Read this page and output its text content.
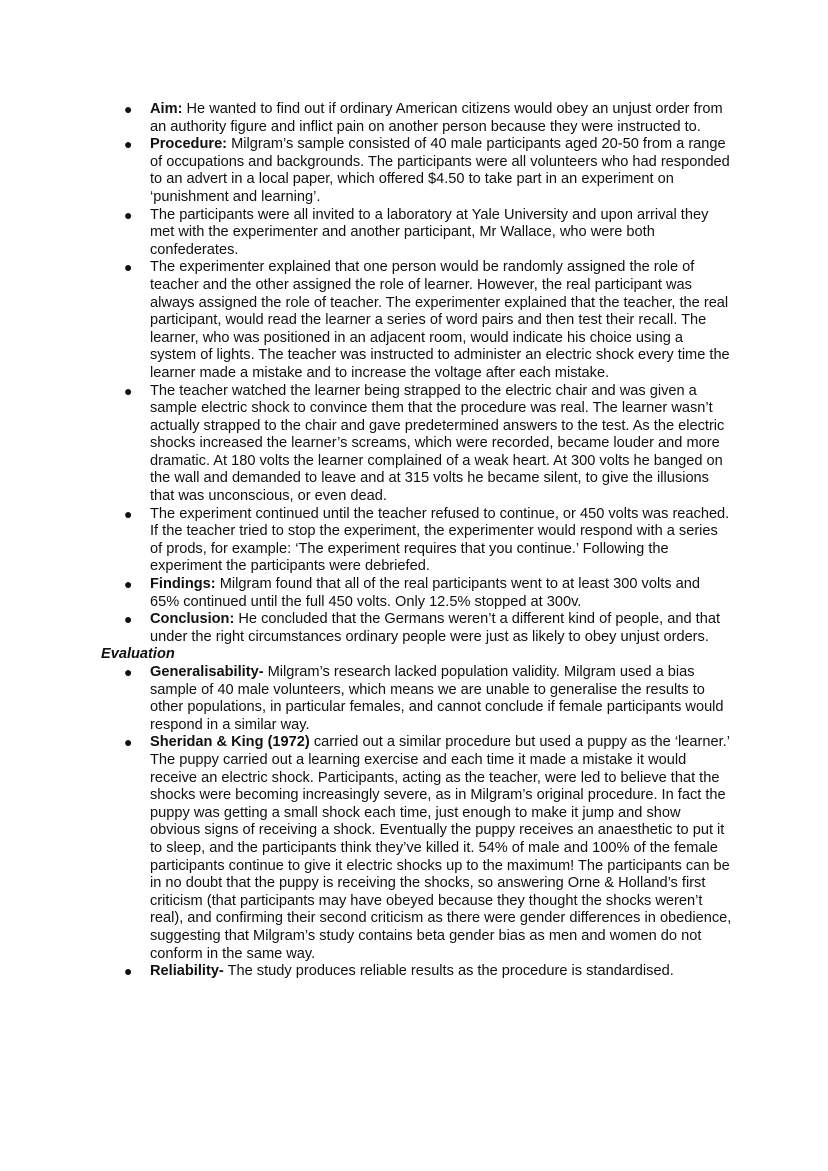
● Aim: He wanted to find out if ordinary American citizens would obey an unjust order from an authority figure and inflict pain on another person because they were instructed to.
● Procedure: Milgram’s sample consisted of 40 male participants aged 20-50 from a range of occupations and backgrounds. The participants were all volunteers who had responded to an advert in a local paper, which offered $4.50 to take part in an experiment on ‘punishment and learning’.
● The participants were all invited to a laboratory at Yale University and upon arrival they met with the experimenter and another participant, Mr Wallace, who were both confederates.
● The experimenter explained that one person would be randomly assigned the role of teacher and the other assigned the role of learner. However, the real participant was always assigned the role of teacher. The experimenter explained that the teacher, the real participant, would read the learner a series of word pairs and then test their recall. The learner, who was positioned in an adjacent room, would indicate his choice using a system of lights. The teacher was instructed to administer an electric shock every time the learner made a mistake and to increase the voltage after each mistake.
● The teacher watched the learner being strapped to the electric chair and was given a sample electric shock to convince them that the procedure was real. The learner wasn’t actually strapped to the chair and gave predetermined answers to the test. As the electric shocks increased the learner’s screams, which were recorded, became louder and more dramatic. At 180 volts the learner complained of a weak heart. At 300 volts he banged on the wall and demanded to leave and at 315 volts he became silent, to give the illusions that was unconscious, or even dead.
● The experiment continued until the teacher refused to continue, or 450 volts was reached. If the teacher tried to stop the experiment, the experimenter would respond with a series of prods, for example: ‘The experiment requires that you continue.’ Following the experiment the participants were debriefed.
● Findings: Milgram found that all of the real participants went to at least 300 volts and 65% continued until the full 450 volts. Only 12.5% stopped at 300v.
● Conclusion: He concluded that the Germans weren’t a different kind of people, and that under the right circumstances ordinary people were just as likely to obey unjust orders.
Evaluation
● Generalisability- Milgram’s research lacked population validity. Milgram used a bias sample of 40 male volunteers, which means we are unable to generalise the results to other populations, in particular females, and cannot conclude if female participants would respond in a similar way.
● Sheridan & King (1972) carried out a similar procedure but used a puppy as the ‘learner.’ The puppy carried out a learning exercise and each time it made a mistake it would receive an electric shock. Participants, acting as the teacher, were led to believe that the shocks were becoming increasingly severe, as in Milgram’s original procedure. In fact the puppy was getting a small shock each time, just enough to make it jump and show obvious signs of receiving a shock. Eventually the puppy receives an anaesthetic to put it to sleep, and the participants think they’ve killed it. 54% of male and 100% of the female participants continue to give it electric shocks up to the maximum! The participants can be in no doubt that the puppy is receiving the shocks, so answering Orne & Holland’s first criticism (that participants may have obeyed because they thought the shocks weren’t real), and confirming their second criticism as there were gender differences in obedience, suggesting that Milgram’s study contains beta gender bias as men and women do not conform in the same way.
● Reliability- The study produces reliable results as the procedure is standardised.
